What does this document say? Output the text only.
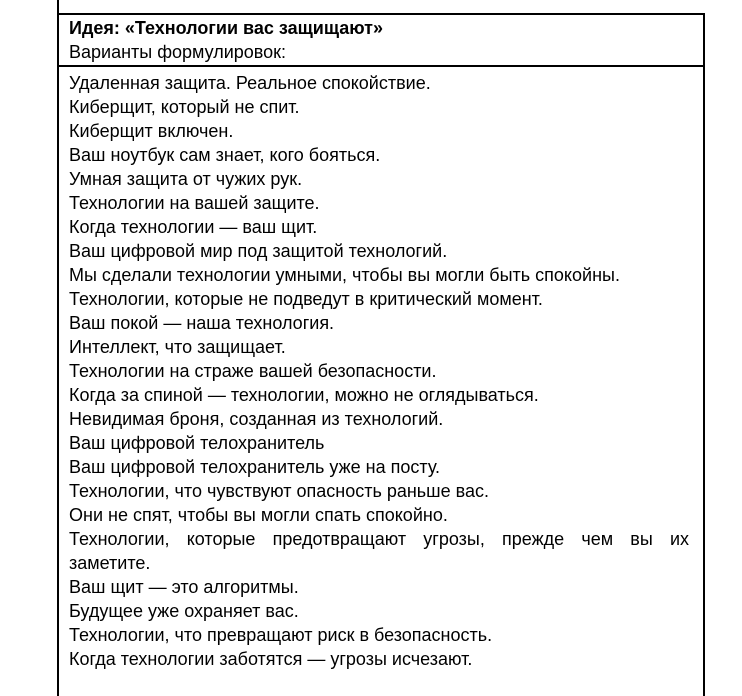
Идея: «Технологии вас защищают»
Варианты формулировок:

Удаленная защита. Реальное спокойствие.

Киберщит, который не спит.

Киберщит включен.

Ваш ноутбук сам знает, кого бояться.

Умная защита от чужих рук.

Технологии на вашей защите.

Когда технологии — ваш щит.

Ваш цифровой мир под защитой технологий.

Мы сделали технологии умными, чтобы вы могли быть спокойны.

Технологии, которые не подведут в критический момент.

Ваш покой — наша технология.

Интеллект, что защищает.

Технологии на страже вашей безопасности.

Когда за спиной — технологии, можно не оглядываться.

Невидимая броня, созданная из технологий.

Ваш цифровой телохранитель

Ваш цифровой телохранитель уже на посту.

Технологии, что чувствуют опасность раньше вас.

Они не спят, чтобы вы могли спать спокойно.

Технологии, которые предотвращают угрозы, прежде чем вы их заметите.

Ваш щит — это алгоритмы.

Будущее уже охраняет вас.

Технологии, что превращают риск в безопасность.

Когда технологии заботятся — угрозы исчезают.
